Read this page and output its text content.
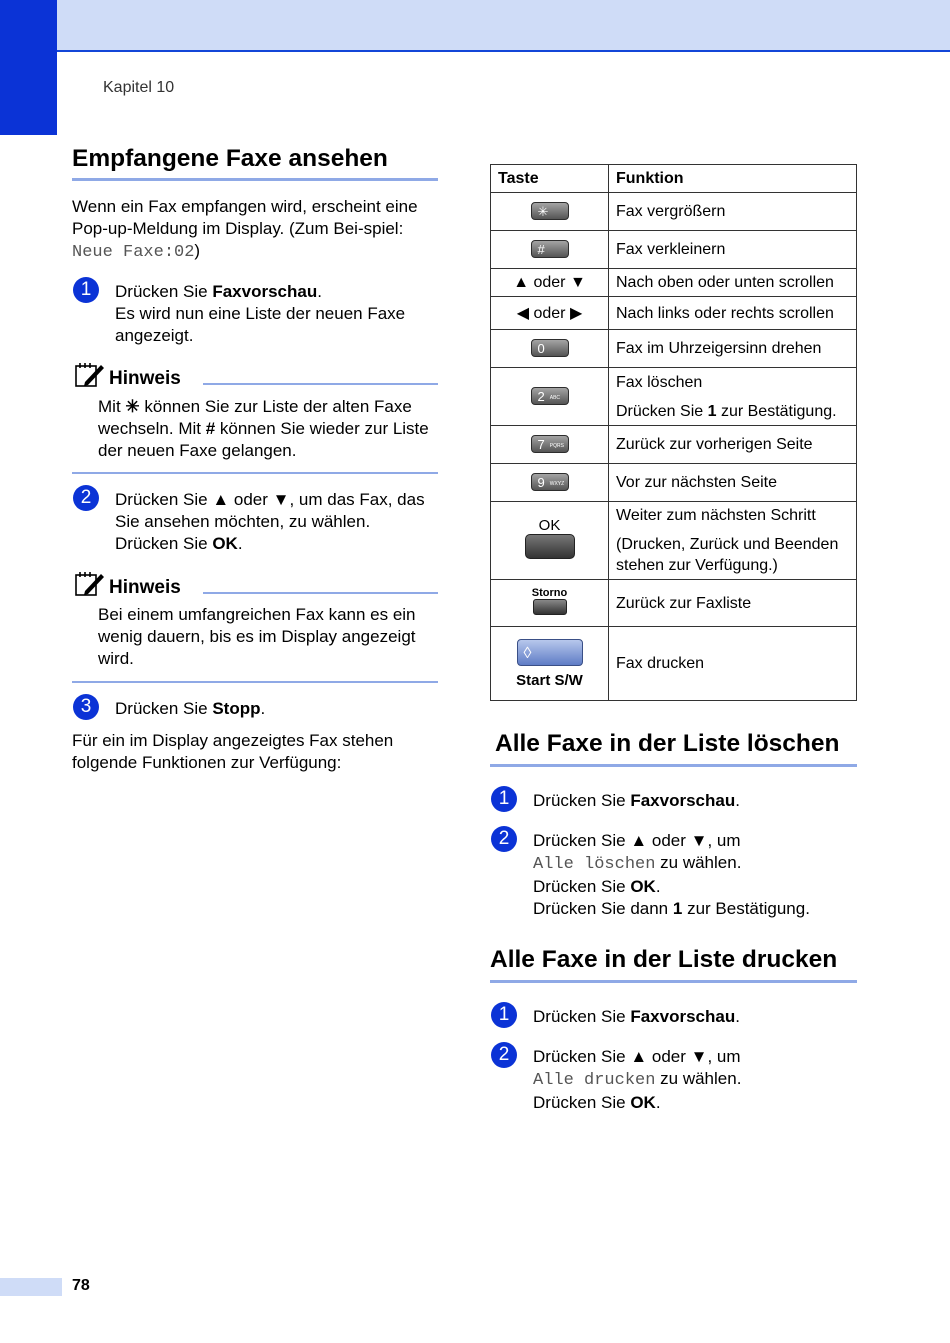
Kapitel 10
Empfangene Faxe ansehen
Wenn ein Fax empfangen wird, erscheint eine Pop-up-Meldung im Display. (Zum Bei-spiel: Neue Faxe:02)
1	Drücken Sie Faxvorschau.
Es wird nun eine Liste der neuen Faxe angezeigt.
Hinweis
Mit ✳ können Sie zur Liste der alten Faxe wechseln. Mit # können Sie wieder zur Liste der neuen Faxe gelangen.
2	Drücken Sie ▲ oder ▼, um das Fax, das Sie ansehen möchten, zu wählen.
Drücken Sie OK.
Hinweis
Bei einem umfangreichen Fax kann es ein wenig dauern, bis es im Display angezeigt wird.
3	Drücken Sie Stopp.
Für ein im Display angezeigtes Fax stehen folgende Funktionen zur Verfügung:
Taste	Funktion
✳	Fax vergrößern
#	Fax verkleinern
▲ oder ▼	Nach oben oder unten scrollen
◀ oder ▶	Nach links oder rechts scrollen
0	Fax im Uhrzeigersinn drehen
2 ABC	Fax löschen
Drücken Sie 1 zur Bestätigung.

7 PQRS	Zurück zur vorherigen Seite
9 WXYZ	Vor zur nächsten Seite

OK	Weiter zum nächsten Schritt
(Drucken, Zurück und Beenden stehen zur Verfügung.)

Storno	Zurück zur Faxliste
◊
Start S/W	Fax drucken
Alle Faxe in der Liste löschen
1	Drücken Sie Faxvorschau.
2	Drücken Sie ▲ oder ▼, um
Alle löschen zu wählen.
Drücken Sie OK.
Drücken Sie dann 1 zur Bestätigung.
Alle Faxe in der Liste drucken
1	Drücken Sie Faxvorschau.
2	Drücken Sie ▲ oder ▼, um
Alle drucken zu wählen.
Drücken Sie OK.
78
